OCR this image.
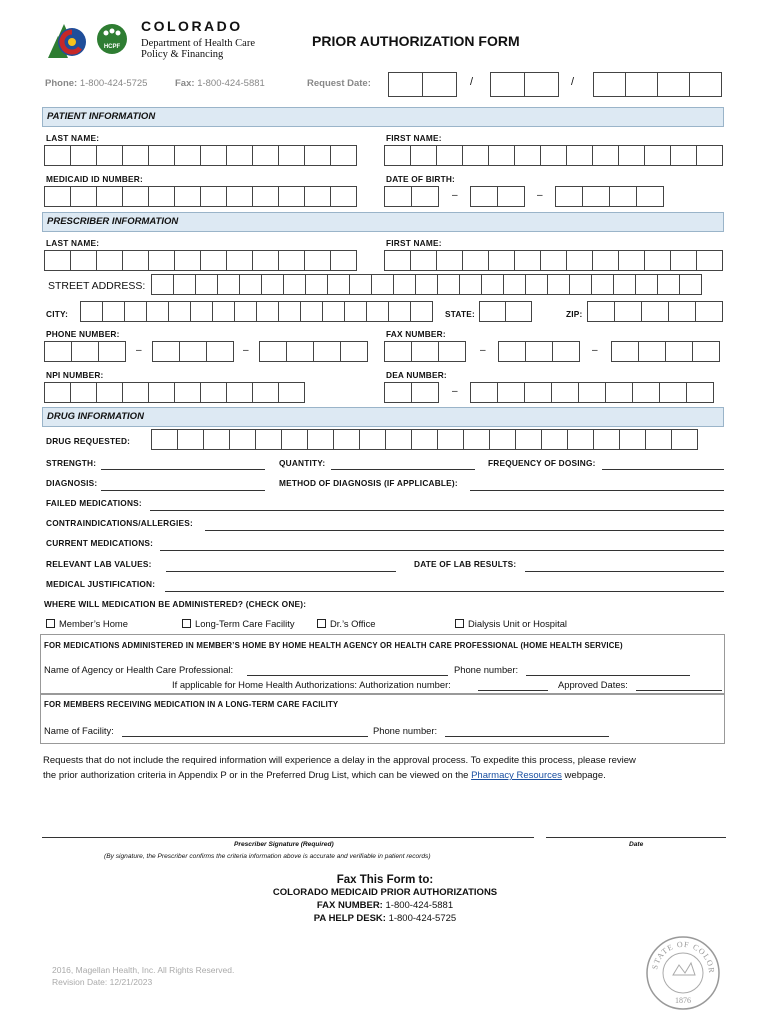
HCPF
COLORADO
Department of Health Care
Policy & Financing
PRIOR AUTHORIZATION FORM
Phone: 1-800-424-5725	Fax: 1-800-424-5881	Request Date:	/	/
PATIENT INFORMATION
LAST NAME:	FIRST NAME:
MEDICAID ID NUMBER:	DATE OF BIRTH:
–	–
PRESCRIBER INFORMATION
LAST NAME:	FIRST NAME:
STREET ADDRESS:
CITY:	STATE:	ZIP:
PHONE NUMBER:	FAX NUMBER:
–	–	–	–
NPI NUMBER:	DEA NUMBER:
–
DRUG INFORMATION
DRUG REQUESTED:
STRENGTH:	QUANTITY:	FREQUENCY OF DOSING:
DIAGNOSIS:	METHOD OF DIAGNOSIS (IF APPLICABLE):
FAILED MEDICATIONS:
CONTRAINDICATIONS/ALLERGIES:
CURRENT MEDICATIONS:
RELEVANT LAB VALUES:	DATE OF LAB RESULTS:
MEDICAL JUSTIFICATION:
WHERE WILL MEDICATION BE ADMINISTERED? (CHECK ONE):
Member’s Home	Long-Term Care Facility	Dr.’s Office	Dialysis Unit or Hospital
FOR MEDICATIONS ADMINISTERED IN MEMBER’S HOME BY HOME HEALTH AGENCY OR HEALTH CARE PROFESSIONAL (HOME HEALTH SERVICE)
Name of Agency or Health Care Professional:	Phone number:
If applicable for Home Health Authorizations: Authorization number:	Approved Dates:
FOR MEMBERS RECEIVING MEDICATION IN A LONG-TERM CARE FACILITY
Name of Facility:	Phone number:
Requests that do not include the required information will experience a delay in the approval process. To expedite this process, please review
the prior authorization criteria in Appendix P or in the Preferred Drug List, which can be viewed on the Pharmacy Resources webpage.
Prescriber Signature (Required)	Date
(By signature, the Prescriber confirms the criteria information above is accurate and verifiable in patient records)
Fax This Form to:
COLORADO MEDICAID PRIOR AUTHORIZATIONS
FAX NUMBER: 1-800-424-5881
PA HELP DESK: 1-800-424-5725
2016, Magellan Health, Inc. All Rights Reserved.
Revision Date: 12/21/2023
STATE OF COLOR
1876
